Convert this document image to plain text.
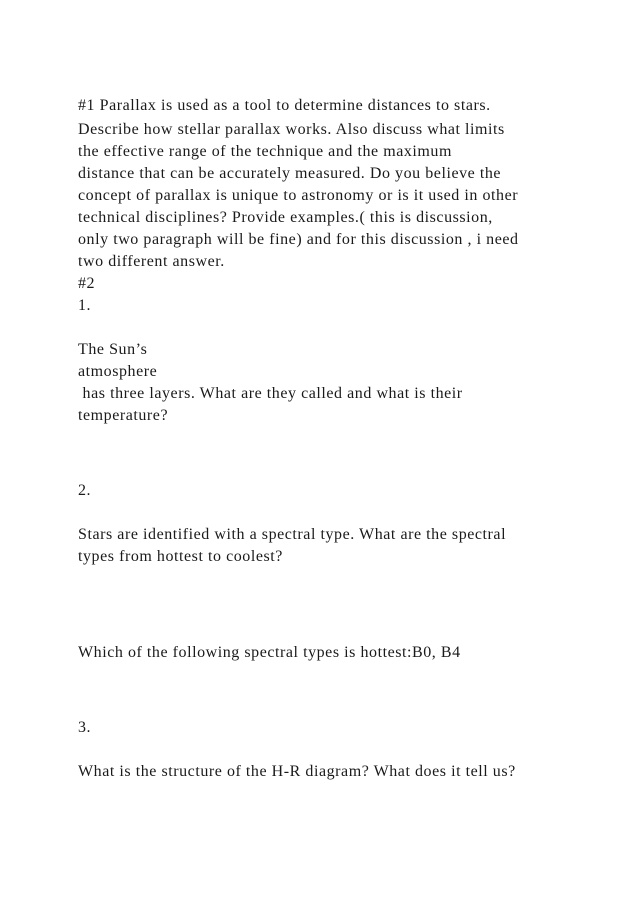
#1 Parallax is used as a tool to determine distances to stars.
Describe how stellar parallax works. Also discuss what limits
the effective range of the technique and the maximum
distance that can be accurately measured. Do you believe the
concept of parallax is unique to astronomy or is it used in other
technical disciplines? Provide examples.( this is discussion,
only two paragraph will be fine) and for this discussion , i need
two different answer.
#2
1.
The Sun’s
atmosphere
has three layers. What are they called and what is their
temperature?
2.
Stars are identified with a spectral type. What are the spectral
types from hottest to coolest?
Which of the following spectral types is hottest:B0, B4
3.
What is the structure of the H-R diagram? What does it tell us?
